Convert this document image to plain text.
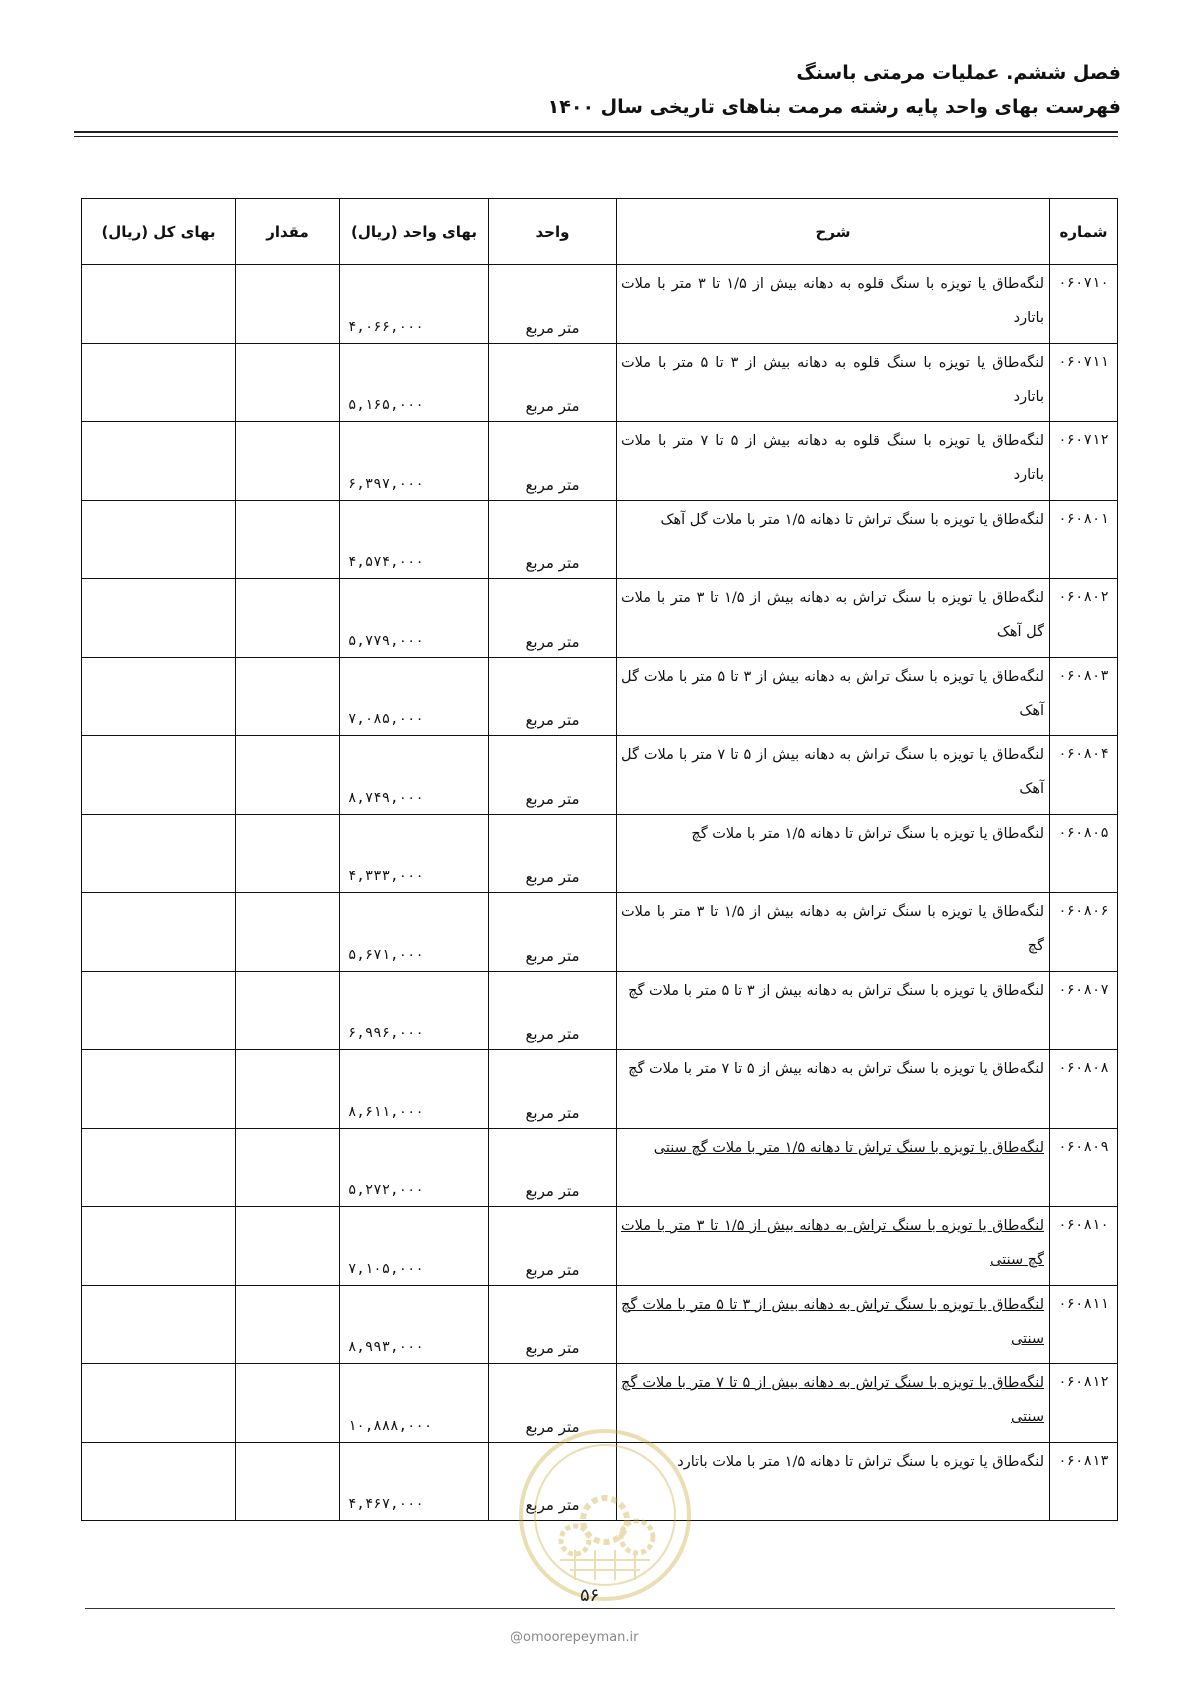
فصل ششم. عملیات مرمتی باسنگ
فهرست بهای واحد پایه رشته مرمت بناهای تاریخی سال ۱۴۰۰
شماره	شرح	واحد	بهای واحد (ریال)	مقدار	بهای کل (ریال)
۰۶۰۷۱۰	لنگه‌طاق یا تویزه با سنگ قلوه به دهانه بیش از ۱/۵ تا ۳ متر با ملات باتارد	متر مربع	۴,۰۶۶,۰۰۰		
۰۶۰۷۱۱	لنگه‌طاق یا تویزه با سنگ قلوه به دهانه بیش از ۳ تا ۵ متر با ملات باتارد	متر مربع	۵,۱۶۵,۰۰۰		
۰۶۰۷۱۲	لنگه‌طاق یا تویزه با سنگ قلوه به دهانه بیش از ۵ تا ۷ متر با ملات باتارد	متر مربع	۶,۳۹۷,۰۰۰		
۰۶۰۸۰۱	لنگه‌طاق یا تویزه با سنگ تراش تا دهانه ۱/۵ متر با ملات گل آهک	متر مربع	۴,۵۷۴,۰۰۰		
۰۶۰۸۰۲	لنگه‌طاق یا تویزه با سنگ تراش به دهانه بیش از ۱/۵ تا ۳ متر با ملات گل آهک	متر مربع	۵,۷۷۹,۰۰۰		
۰۶۰۸۰۳	لنگه‌طاق یا تویزه با سنگ تراش به دهانه بیش از ۳ تا ۵ متر با ملات گل آهک	متر مربع	۷,۰۸۵,۰۰۰		
۰۶۰۸۰۴	لنگه‌طاق یا تویزه با سنگ تراش به دهانه بیش از ۵ تا ۷ متر با ملات گل آهک	متر مربع	۸,۷۴۹,۰۰۰		
۰۶۰۸۰۵	لنگه‌طاق یا تویزه با سنگ تراش تا دهانه ۱/۵ متر با ملات گچ	متر مربع	۴,۳۳۳,۰۰۰		
۰۶۰۸۰۶	لنگه‌طاق یا تویزه با سنگ تراش به دهانه بیش از ۱/۵ تا ۳ متر با ملات گچ	متر مربع	۵,۶۷۱,۰۰۰		
۰۶۰۸۰۷	لنگه‌طاق یا تویزه با سنگ تراش به دهانه بیش از ۳ تا ۵ متر با ملات گچ	متر مربع	۶,۹۹۶,۰۰۰		
۰۶۰۸۰۸	لنگه‌طاق یا تویزه با سنگ تراش به دهانه بیش از ۵ تا ۷ متر با ملات گچ	متر مربع	۸,۶۱۱,۰۰۰		
۰۶۰۸۰۹	لنگه‌طاق یا تویزه با سنگ تراش تا دهانه ۱/۵ متر با ملات گچ سنتی	متر مربع	۵,۲۷۲,۰۰۰		
۰۶۰۸۱۰	لنگه‌طاق یا تویزه با سنگ تراش به دهانه بیش از ۱/۵ تا ۳ متر با ملات گچ سنتی	متر مربع	۷,۱۰۵,۰۰۰		
۰۶۰۸۱۱	لنگه‌طاق یا تویزه با سنگ تراش به دهانه بیش از ۳ تا ۵ متر با ملات گچ سنتی	متر مربع	۸,۹۹۳,۰۰۰		
۰۶۰۸۱۲	لنگه‌طاق یا تویزه با سنگ تراش به دهانه بیش از ۵ تا ۷ متر با ملات گچ سنتی	متر مربع	۱۰,۸۸۸,۰۰۰		
۰۶۰۸۱۳	لنگه‌طاق یا تویزه با سنگ تراش تا دهانه ۱/۵ متر با ملات باتارد	متر مربع	۴,۴۶۷,۰۰۰		
۵۶
@omoorepeyman.ir
